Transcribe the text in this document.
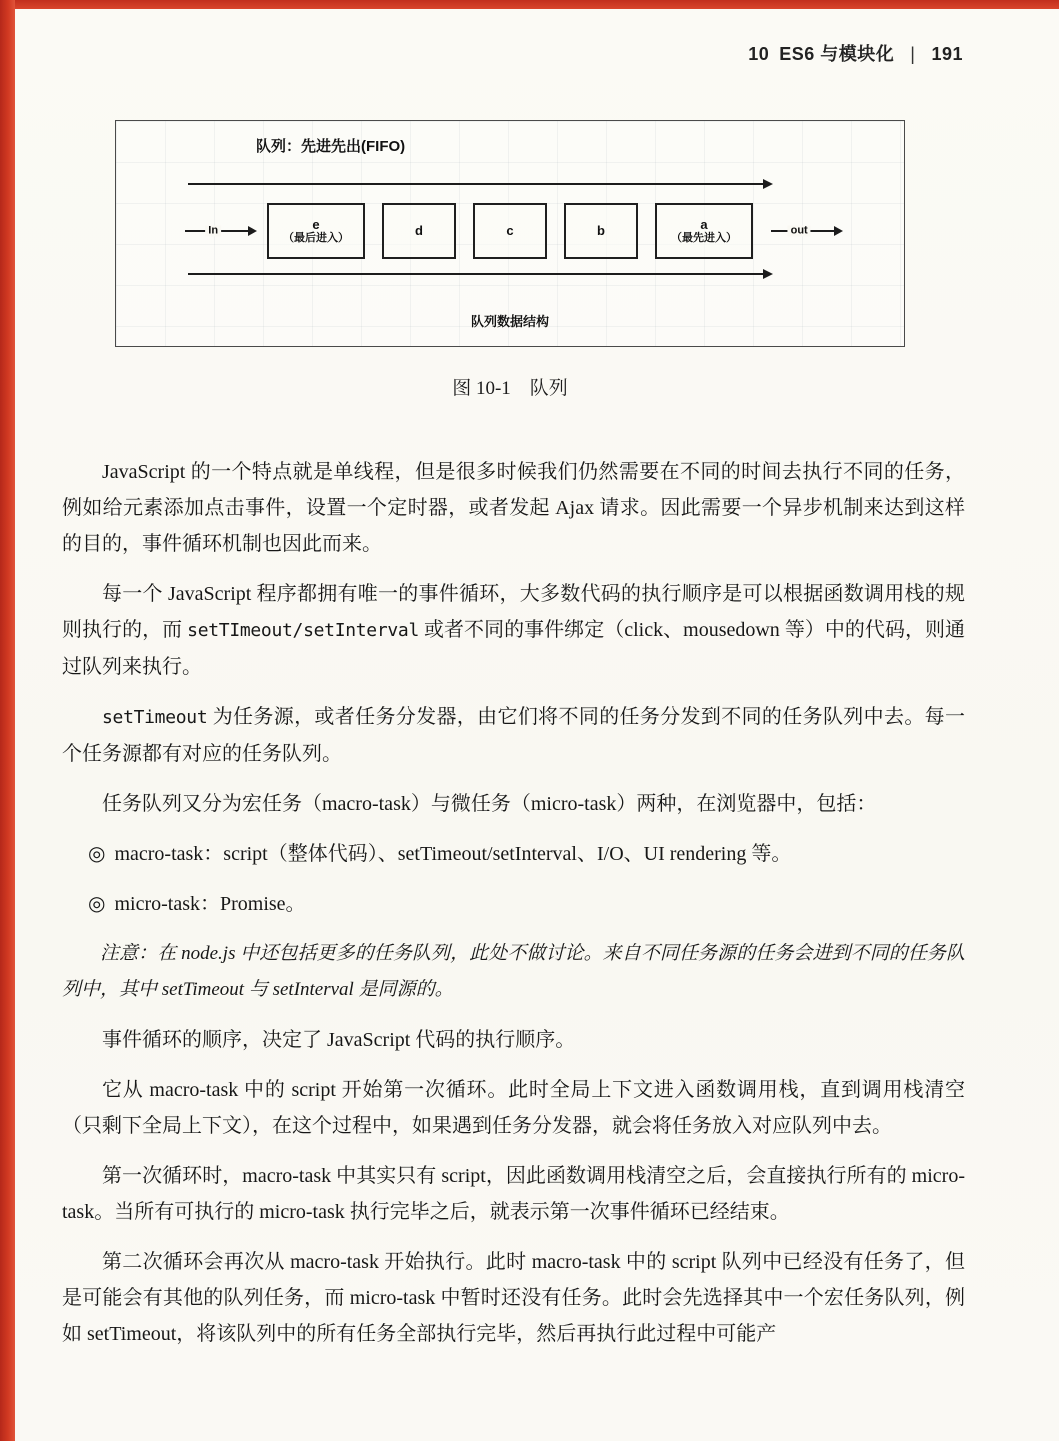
10 ES6 与模块化 | 191
队列：先进先出(FIFO)
In	e
（最后进入）	d	c	b	a
（最先进入）
out
队列数据结构
图 10-1　队列

JavaScript 的一个特点就是单线程，但是很多时候我们仍然需要在不同的时间去执行不同的任务，例如给元素添加点击事件，设置一个定时器，或者发起 Ajax 请求。因此需要一个异步机制来达到这样的目的，事件循环机制也因此而来。

每一个 JavaScript 程序都拥有唯一的事件循环，大多数代码的执行顺序是可以根据函数调用栈的规则执行的，而 setTImeout/setInterval 或者不同的事件绑定（click、mousedown 等）中的代码，则通过队列来执行。

setTimeout 为任务源，或者任务分发器，由它们将不同的任务分发到不同的任务队列中去。每一个任务源都有对应的任务队列。

任务队列又分为宏任务（macro-task）与微任务（micro-task）两种，在浏览器中，包括：

◎ macro-task：script（整体代码）、setTimeout/setInterval、I/O、UI rendering 等。

◎ micro-task：Promise。

注意：在 node.js 中还包括更多的任务队列，此处不做讨论。来自不同任务源的任务会进到不同的任务队列中，其中 setTimeout 与 setInterval 是同源的。

事件循环的顺序，决定了 JavaScript 代码的执行顺序。

它从 macro-task 中的 script 开始第一次循环。此时全局上下文进入函数调用栈，直到调用栈清空（只剩下全局上下文），在这个过程中，如果遇到任务分发器，就会将任务放入对应队列中去。

第一次循环时，macro-task 中其实只有 script，因此函数调用栈清空之后，会直接执行所有的 micro-task。当所有可执行的 micro-task 执行完毕之后，就表示第一次事件循环已经结束。

第二次循环会再次从 macro-task 开始执行。此时 macro-task 中的 script 队列中已经没有任务了，但是可能会有其他的队列任务，而 micro-task 中暂时还没有任务。此时会先选择其中一个宏任务队列，例如 setTimeout，将该队列中的所有任务全部执行完毕，然后再执行此过程中可能产
